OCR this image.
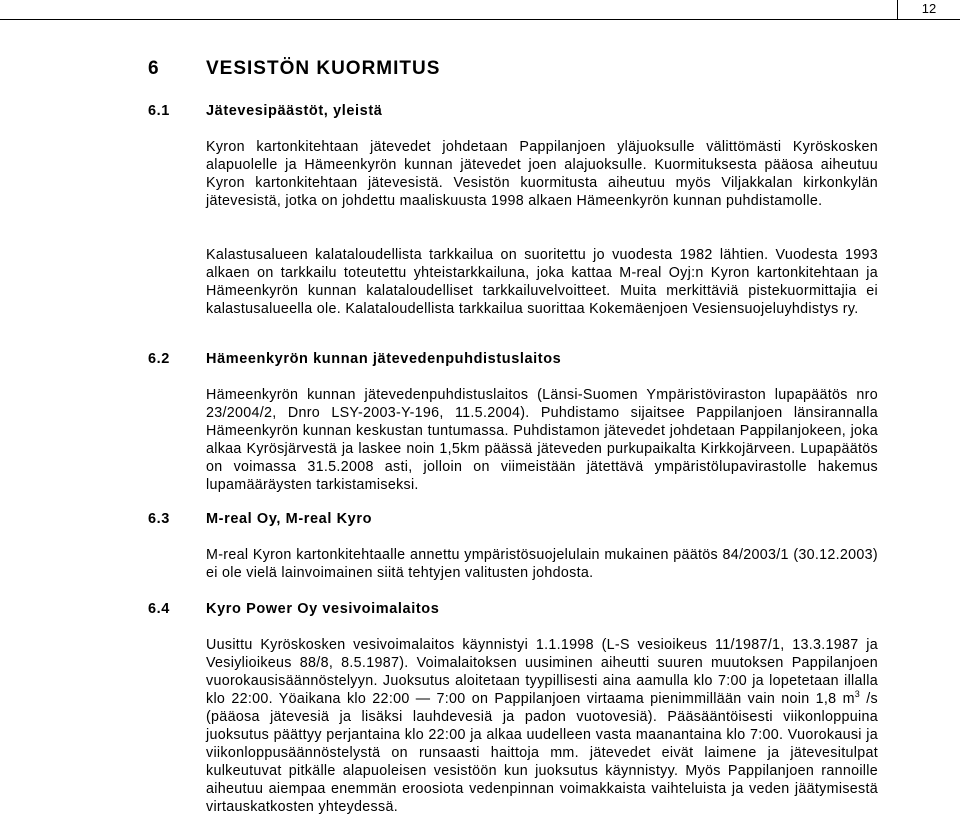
12
6 VESISTÖN KUORMITUS
6.1 Jätevesipäästöt, yleistä

Kyron kartonkitehtaan jätevedet johdetaan Pappilanjoen yläjuoksulle välittömästi Kyröskosken alapuolelle ja Hämeenkyrön kunnan jätevedet joen alajuoksulle. Kuormituksesta pääosa aiheutuu Kyron kartonkitehtaan jätevesistä. Vesistön kuormitusta aiheutuu myös Viljakkalan kirkonkylän jätevesistä, jotka on johdettu maaliskuusta 1998 alkaen Hämeenkyrön kunnan puhdistamolle.

Kalastusalueen kalataloudellista tarkkailua on suoritettu jo vuodesta 1982 lähtien. Vuodesta 1993 alkaen on tarkkailu toteutettu yhteistarkkailuna, joka kattaa M-real Oyj:n Kyron kartonkitehtaan ja Hämeenkyrön kunnan kalataloudelliset tarkkailuvelvoitteet. Muita merkittäviä pistekuormittajia ei kalastusalueella ole. Kalataloudellista tarkkailua suorittaa Kokemäenjoen Vesiensuojeluyhdistys ry.

6.2 Hämeenkyrön kunnan jätevedenpuhdistuslaitos

Hämeenkyrön kunnan jätevedenpuhdistuslaitos (Länsi-Suomen Ympäristöviraston lupapäätös nro 23/2004/2, Dnro LSY-2003-Y-196, 11.5.2004). Puhdistamo sijaitsee Pappilanjoen länsirannalla Hämeenkyrön kunnan keskustan tuntumassa. Puhdistamon jätevedet johdetaan Pappilanjokeen, joka alkaa Kyrösjärvestä ja laskee noin 1,5km päässä jäteveden purkupaikalta Kirkkojärveen. Lupapäätös on voimassa 31.5.2008 asti, jolloin on viimeistään jätettävä ympäristölupavirastolle hakemus lupamääräysten tarkistamiseksi.

6.3 M-real Oy, M-real Kyro

M-real Kyron kartonkitehtaalle annettu ympäristösuojelulain mukainen päätös 84/2003/1 (30.12.2003) ei ole vielä lainvoimainen siitä tehtyjen valitusten johdosta.

6.4 Kyro Power Oy vesivoimalaitos

Uusittu Kyröskosken vesivoimalaitos käynnistyi 1.1.1998 (L-S vesioikeus 11/1987/1, 13.3.1987 ja Vesiylioikeus 88/8, 8.5.1987). Voimalaitoksen uusiminen aiheutti suuren muutoksen Pappilanjoen vuorokausisäännöstelyyn. Juoksutus aloitetaan tyypillisesti aina aamulla klo 7:00 ja lopetetaan illalla klo 22:00. Yöaikana klo 22:00 — 7:00 on Pappilanjoen virtaama pienimmillään vain noin 1,8 $m^3$ /s (pääosa jätevesiä ja lisäksi lauhdevesiä ja padon vuotovesiä). Pääsääntöisesti viikonloppuina juoksutus päättyy perjantaina klo 22:00 ja alkaa uudelleen vasta maanantaina klo 7:00. Vuorokausi ja viikonloppusäännöstelystä on runsaasti haittoja mm. jätevedet eivät laimene ja jätevesitulpat kulkeutuvat pitkälle alapuoleisen vesistöön kun juoksutus käynnistyy. Myös Pappilanjoen rannoille aiheutuu aiempaa enemmän eroosiota vedenpinnan voimakkaista vaihteluista ja veden jäätymisestä virtauskatkosten yhteydessä.
